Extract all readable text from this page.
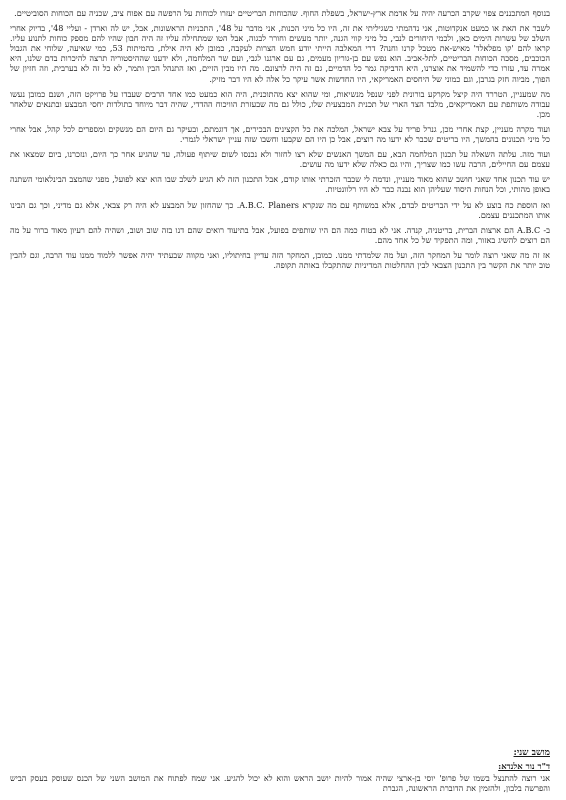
בנוסף המתכננים צפוי שקרב הכרעה יהיה על אדמת ארץ-ישראל, בשפלת החוף. שהכוחות הבריטיים יעזרו לכוחות על הרפשה עם אפוח ציב, שכניה עם הכוחות הסוביטיים.

לשבר את האת או כמעט אנקדוטות, אני נדהמתי כשגיליתי את זה, היו כל מיני הכנות, אני מדבר על 48', התכניות הראשונות, אבל, יש לה וארדן - ועליי 48', בדיוק אחרי השלב של עשרות הימים כאן, ולכמי היחורים לנבי, כל מיני קווי הגנה, יותר מעשים וחורר לבגוה, אבל הטו שמתחילה עליו זה היה חבון שהיו להם מספק כוחות לתנוע עליו. קראו להם 'קו מפלאלד' מאיש-את מטבל קרנו וחנה? דרי המאלבה הייתי יודע חמש הצרות לעקבה, כמובן לא היה אילת, בהמיתות 53, כמי שאיעה, שלוחי את הגבול הכוכבים, מסכה הכוחות הבריטיים, לתל-אביב. הוא נפש עם בן-גוריון מעמים, גם עם ארגנו לגבי, ועם שר המלחמה, ולא ידענו שההיסטוריה תרצה להיכרות בדם שלנו, היא אמרה עד, עזרו כדי להשמיד את אוצרנו, היא הדביקה גמר כל הדמיים, גם זה היה לרצונם. מה היו מבין הזיים, ואז התנהל הבין ותמר, לא כל זה לא בערבית, וזה חזיון של הפוך, מביוה חזק בגרבן, וגם כמוני של היחסים האמריקאי, היו החדשות אשר עיקר כל אלה לא היו דבר מזיק.

מה שמעניין, הטררד היה קיצל מקרקע בורונית לפני שנפל מנשיאות, ומי שהוא יצא מהתוכנית, היה הוא כמעט כמו אחד הרבים שעבדו על פרויקט הזה, ושנם כמובן נעשו עבודה משותפת עם האמריקאים, מלבד הצד הארי של תכנית המבצעית שלו, כולל גם מה שבעזרת הוויכוח ההדדי, שהיה דבר מיוחד בתולדות יחסי המבצע ובתנאים שלאחר מכן.

ועוד מקרה מעניין, קצת אחרי מכן, גנרל פריד על צבא ישראל, המלכה את כל הקצינים הבכירים, אך דוגמתם, ובעיקר גם היום הם מנשקים ומספרים לכל קהל, אבל אחרי כל מיני תכנונים בהמשך, היו בריטים שכבר לא ידעו מה רוצים, אבל כן היו הם שקבעו וחשבו שזה עניין ישראלי לגמרי.

ועוד מזה. עלתה השאלה על תכנון המלחמה הבא, עם המשך האנשים שלא רצו לחזור ולא נכנסו לשום שיתוף פעולה, עד שהגיע אחר כך היום, ונזכרנו, ביום שמצאו את עצמם עם החיילים, הרבה עשו כמו שצריך, והיו גם כאלה שלא ידעו מה עושים.

יש עוד תכנון אחד שאני חושב שהוא מאוד מעניין, ונדמה לי שכבר הזכרתי אותו קודם, אבל התכנון הזה לא הגיע לשלב שבו הוא יצא לפועל, מפני שהמצב הבינלאומי השתנה באופן מהותי, וכל הנחות היסוד שעליהן הוא נבנה כבר לא היו רלוונטיות.

ואז הוספת כח בוצע לא על ידי הבריטים לבדם, אלא במשותף עם מה שנקרא A.B.C. Planers. כך שהחזון של המבצע לא היה רק צבאי, אלא גם מדיני, וכך גם הבינו אותו המתכננים עצמם.

ב- A.B.C הם ארצות הברית, בריטניה, קנדה. אני לא בטוח כמה הם היו שותפים בפועל, אבל בתיעוד רואים שהם דנו בזה שוב ושוב, ושהיה להם רעיון מאוד ברור על מה הם רוצים להשיג באזור, ומה התפקיד של כל אחד מהם.

אז זה מה שאני רוצה לומר על המחקר הזה, ועל מה שלמדתי ממנו. כמובן, המחקר הזה עדיין בחיתוליו, ואני מקווה שבעתיד יהיה אפשר ללמוד ממנו עוד הרבה, וגם להבין טוב יותר את הקשר בין התכנון הצבאי לבין ההחלטות המדיניות שהתקבלו באותה תקופה.

מושב שני:
ד"ר נור אלנדא:

אני רוצה להתנצל בשמו של פרופ' יוסי בן-ארצי שהיה אמור להיות יושב הראש והוא לא יכול להגיע. אני שמח לפתוח את המושב השני של הכנס שעוסק בעסק הביש והפרשה בלבון, ולהזמין את הדוברת הראשונה, הגברת
